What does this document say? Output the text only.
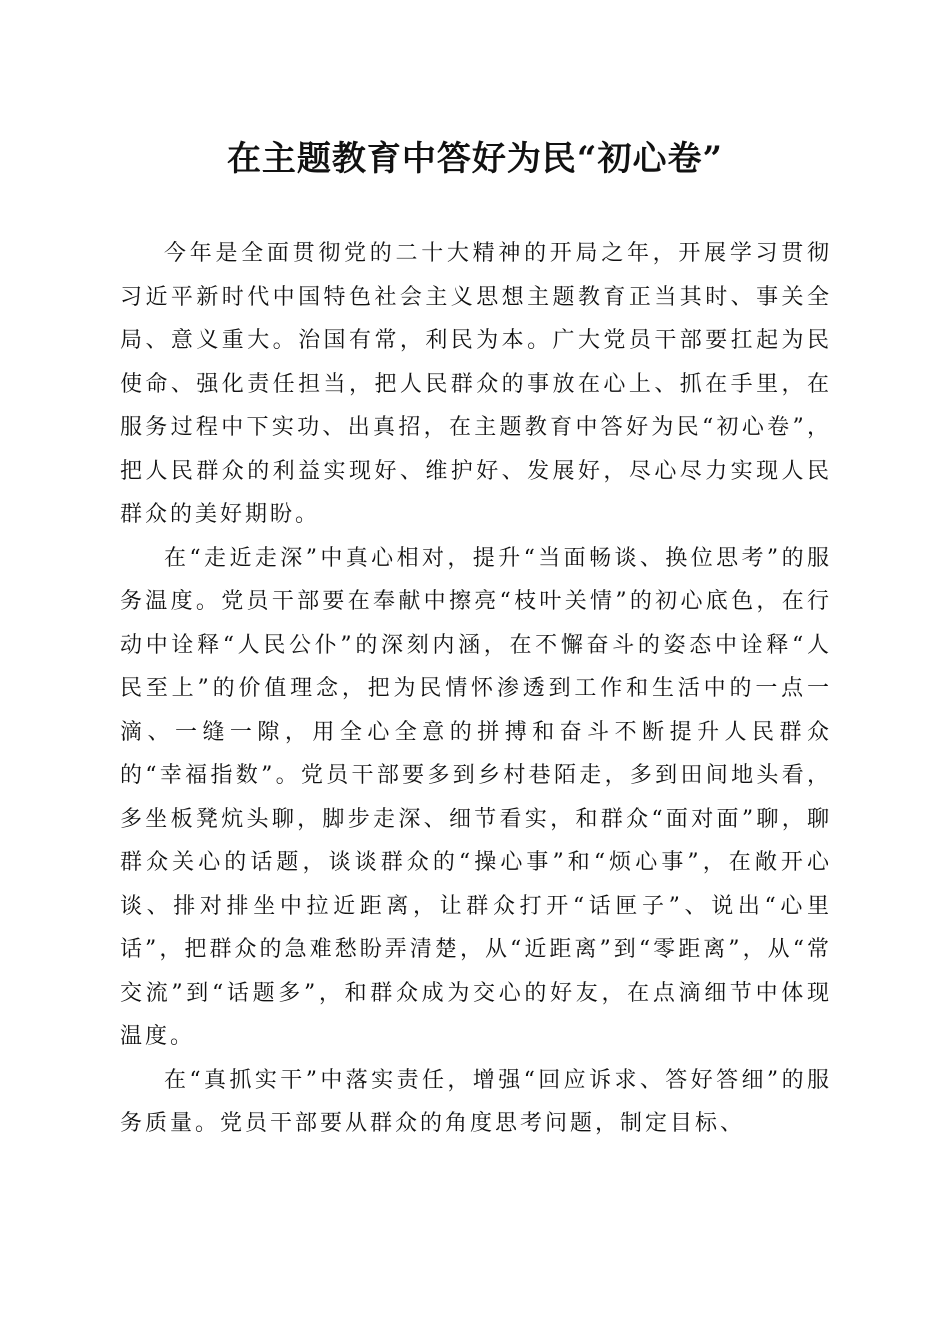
在主题教育中答好为民“初心卷”

今年是全面贯彻党的二十大精神的开局之年，开展学习贯彻习近平新时代中国特色社会主义思想主题教育正当其时、事关全局、意义重大。治国有常，利民为本。广大党员干部要扛起为民使命、强化责任担当，把人民群众的事放在心上、抓在手里，在服务过程中下实功、出真招，在主题教育中答好为民“初心卷”，把人民群众的利益实现好、维护好、发展好，尽心尽力实现人民群众的美好期盼。

在“走近走深”中真心相对，提升“当面畅谈、换位思考”的服务温度。党员干部要在奉献中擦亮“枝叶关情”的初心底色，在行动中诠释“人民公仆”的深刻内涵，在不懈奋斗的姿态中诠释“人民至上”的价值理念，把为民情怀渗透到工作和生活中的一点一滴、一缝一隙，用全心全意的拼搏和奋斗不断提升人民群众的“幸福指数”。党员干部要多到乡村巷陌走，多到田间地头看，多坐板凳炕头聊，脚步走深、细节看实，和群众“面对面”聊，聊群众关心的话题，谈谈群众的“操心事”和“烦心事”，在敞开心谈、排对排坐中拉近距离，让群众打开“话匣子”、说出“心里话”，把群众的急难愁盼弄清楚，从“近距离”到“零距离”，从“常交流”到“话题多”，和群众成为交心的好友，在点滴细节中体现温度。

在“真抓实干”中落实责任，增强“回应诉求、答好答细”的服务质量。党员干部要从群众的角度思考问题，制定目标、
